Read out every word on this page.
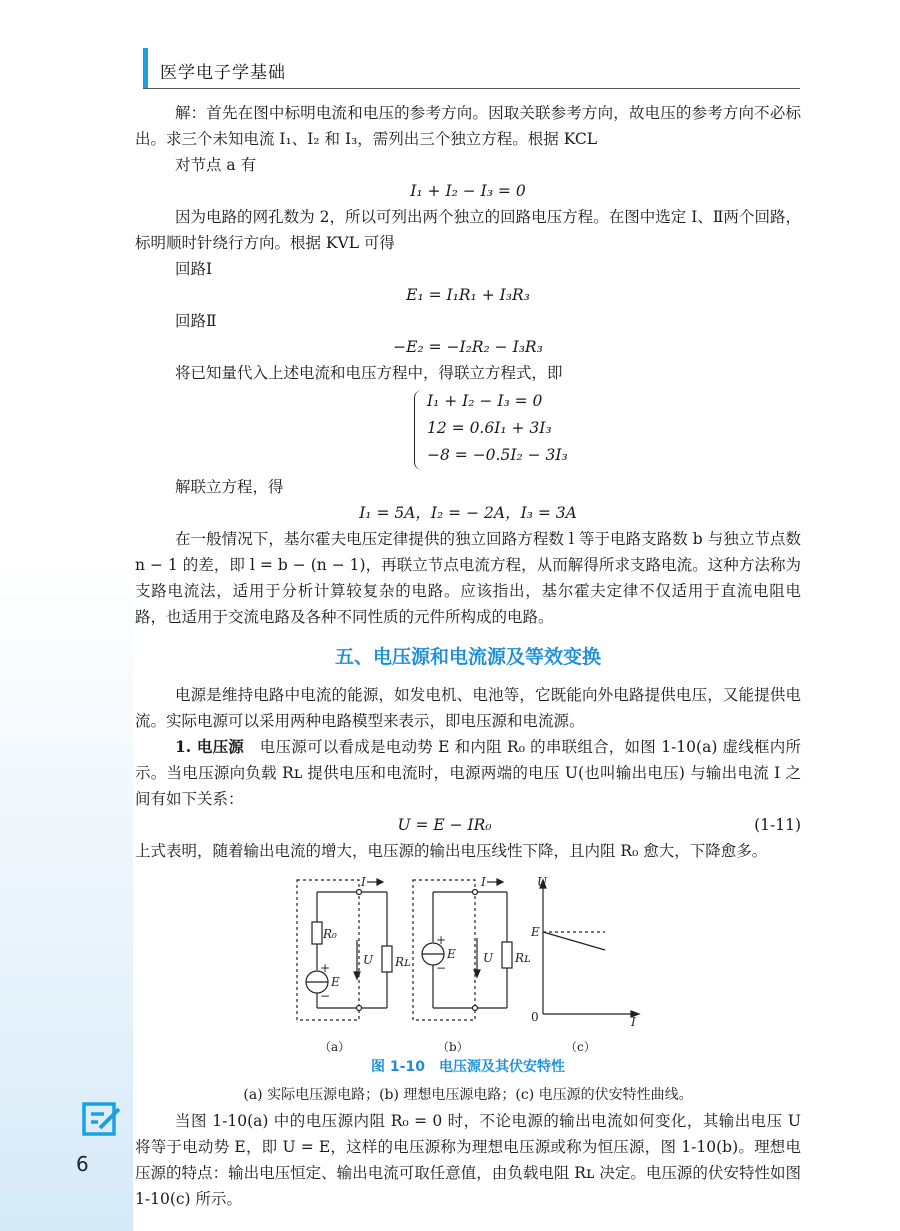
医学电子学基础

解：首先在图中标明电流和电压的参考方向。因取关联参考方向，故电压的参考方向不必标出。求三个未知电流 I₁、I₂ 和 I₃，需列出三个独立方程。根据 KCL

对节点 a 有

I₁ + I₂ − I₃ = 0

因为电路的网孔数为 2，所以可列出两个独立的回路电压方程。在图中选定 Ⅰ、Ⅱ两个回路，标明顺时针绕行方向。根据 KVL 可得

回路Ⅰ

E₁ = I₁R₁ + I₃R₃

回路Ⅱ

−E₂ = −I₂R₂ − I₃R₃

将已知量代入上述电流和电压方程中，得联立方程式，即

I₁ + I₂ − I₃ = 0
12 = 0.6I₁ + 3I₃
−8 = −0.5I₂ − 3I₃

解联立方程，得

I₁ = 5A，I₂ = − 2A，I₃ = 3A

在一般情况下，基尔霍夫电压定律提供的独立回路方程数 l 等于电路支路数 b 与独立节点数 n − 1 的差，即 l = b − (n − 1)，再联立节点电流方程，从而解得所求支路电流。这种方法称为支路电流法，适用于分析计算较复杂的电路。应该指出，基尔霍夫定律不仅适用于直流电阻电路，也适用于交流电路及各种不同性质的元件所构成的电路。

五、电压源和电流源及等效变换

电源是维持电路中电流的能源，如发电机、电池等，它既能向外电路提供电压，又能提供电流。实际电源可以采用两种电路模型来表示，即电压源和电流源。

1. 电压源　电压源可以看成是电动势 E 和内阻 R₀ 的串联组合，如图 1-10(a) 虚线框内所示。当电压源向负载 Rʟ 提供电压和电流时，电源两端的电压 U(也叫输出电压) 与输出电流 I 之间有如下关系：

U = E − IR₀	(1-11)

上式表明，随着输出电流的增大，电压源的输出电压线性下降，且内阻 R₀ 愈大，下降愈多。

R₀
I
U Rʟ
E
+
−
I
U Rʟ
E
+
−
U
I
E
0
（a）	（b）	（c）

图 1-10　电压源及其伏安特性

(a) 实际电压源电路；(b) 理想电压源电路；(c) 电压源的伏安特性曲线。

当图 1-10(a) 中的电压源内阻 R₀ = 0 时，不论电源的输出电流如何变化，其输出电压 U 将等于电动势 E，即 U = E，这样的电压源称为理想电压源或称为恒压源，图 1-10(b)。理想电压源的特点：输出电压恒定、输出电流可取任意值，由负载电阻 Rʟ 决定。电压源的伏安特性如图 1-10(c) 所示。

6
